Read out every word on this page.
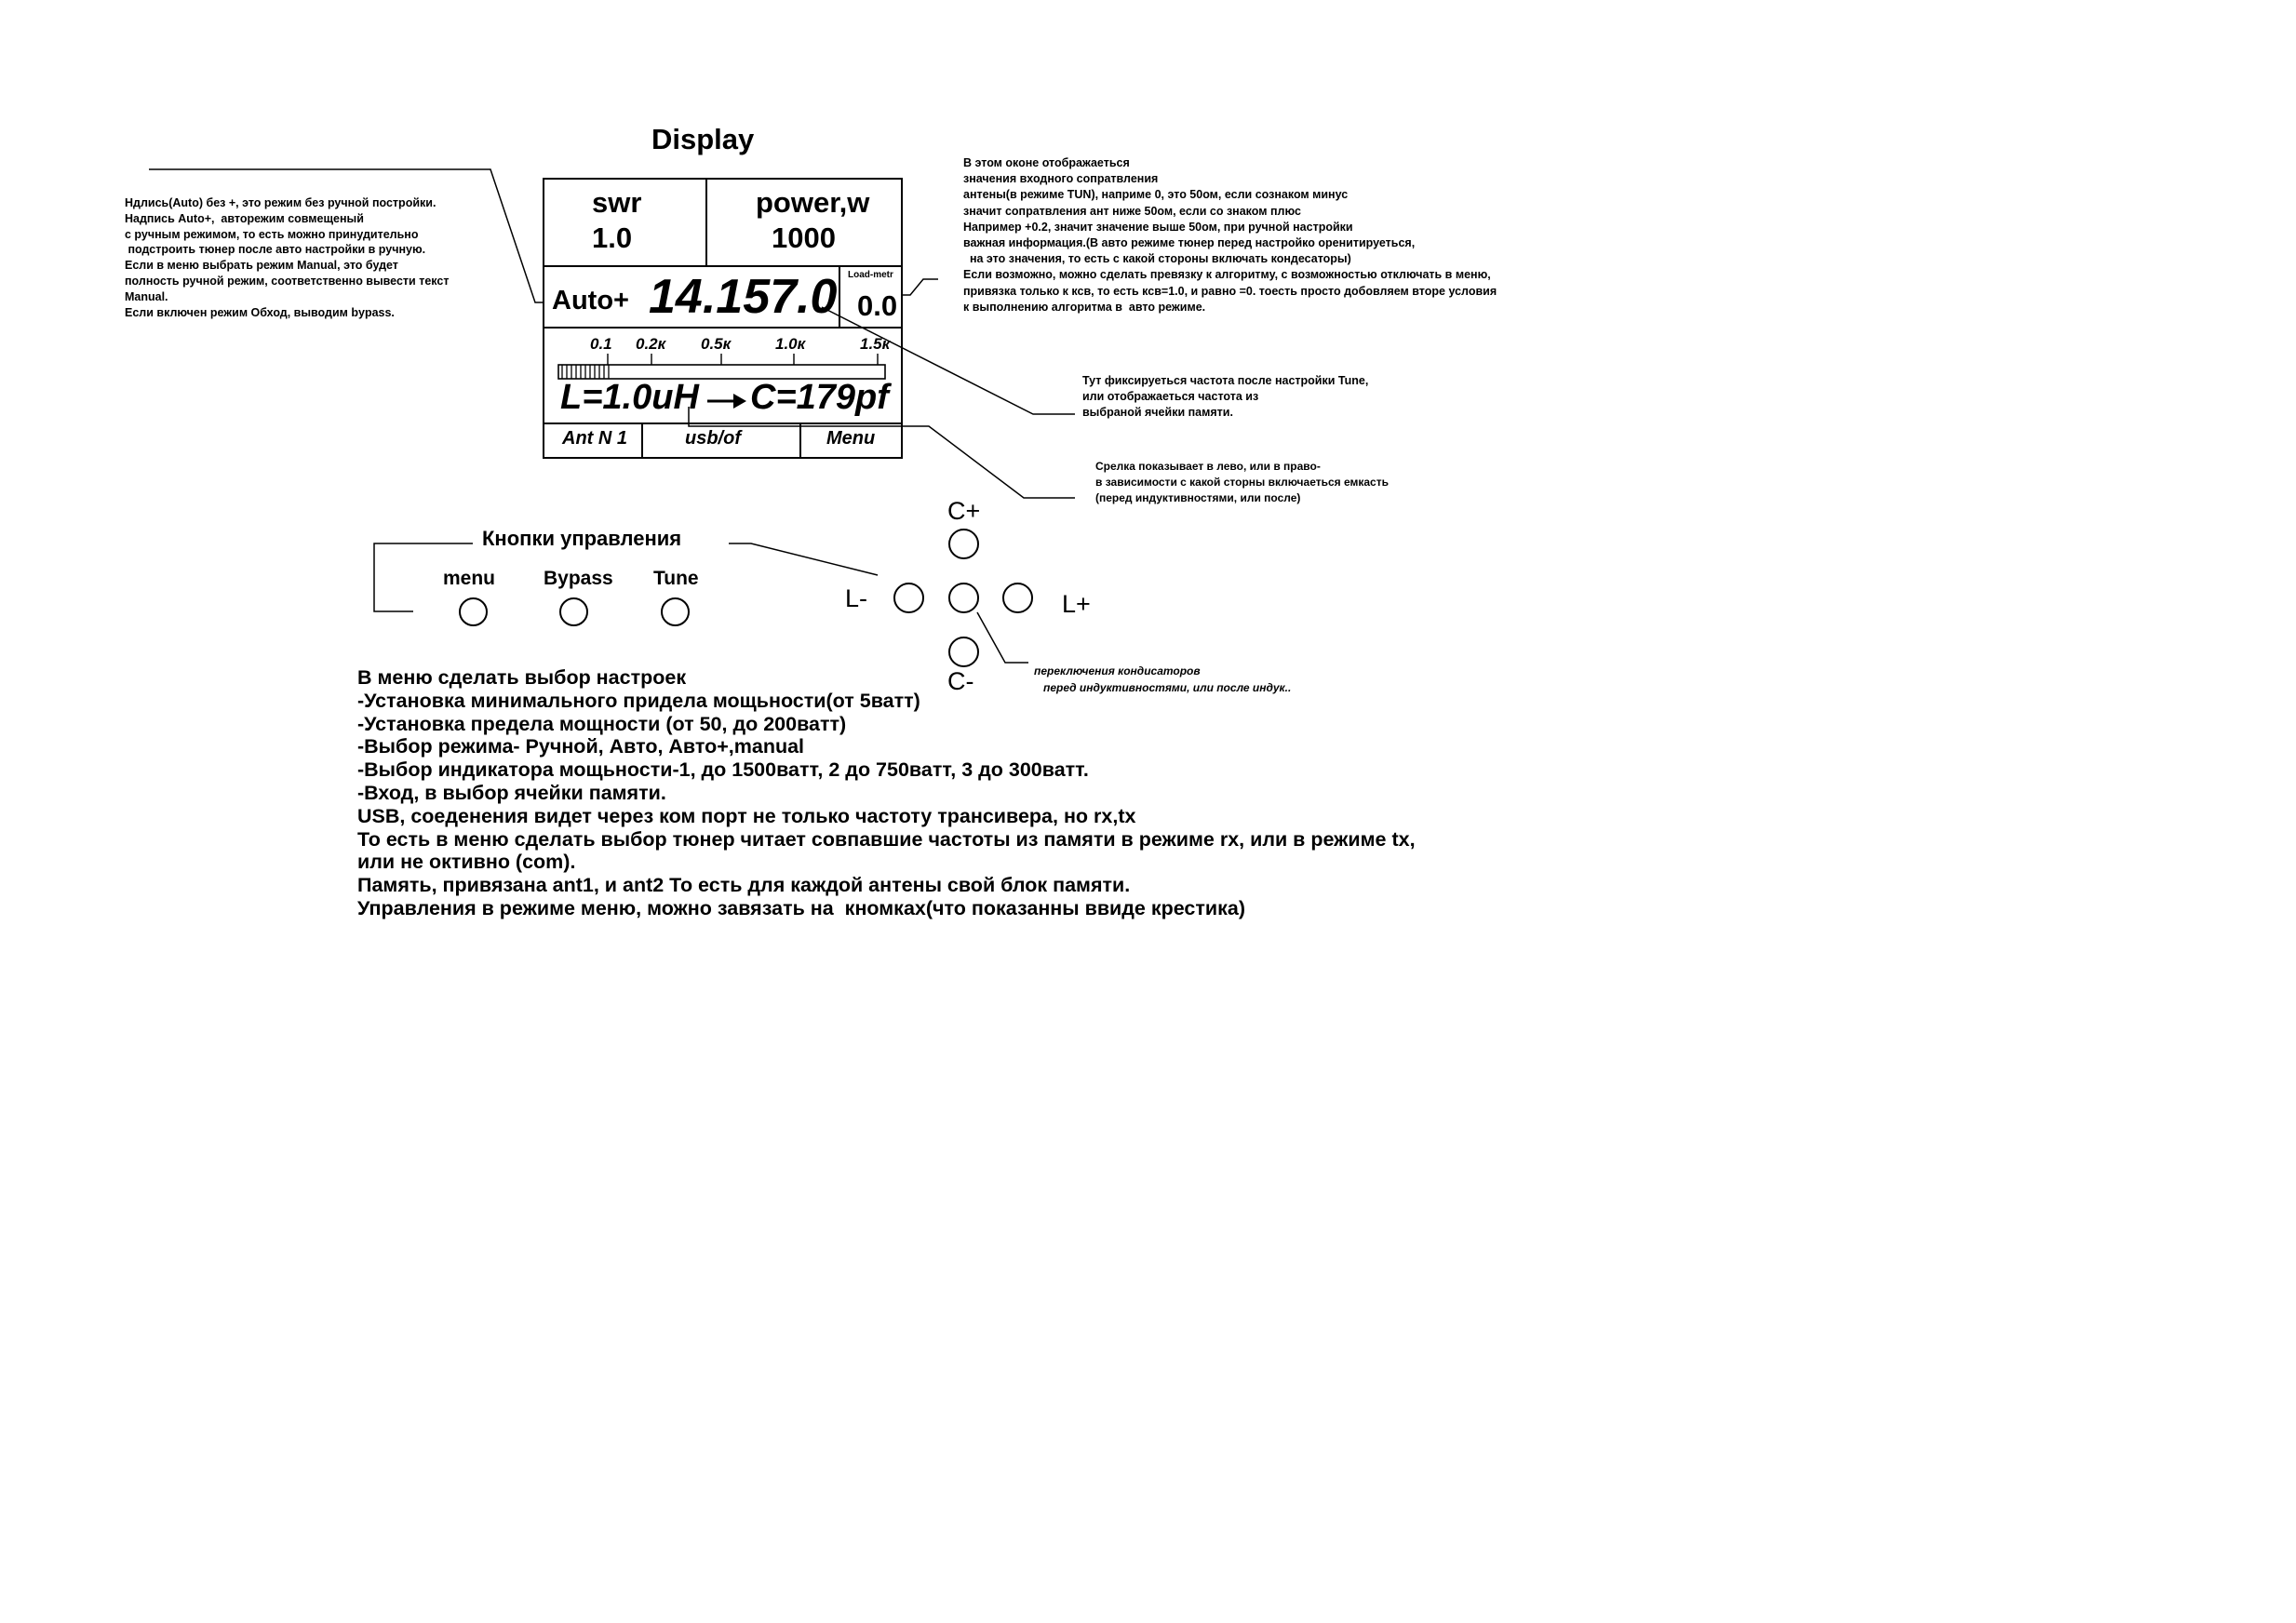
Display
Ндлись(Auto) без +, это режим без ручной постройки.
Надпись Auto+,  авторежим совмещеный
с ручным режимом, то есть можно принудительно
подстроить тюнер после авто настройки в ручную.
Если в меню выбрать режим Manual, это будет
полность ручной режим, соответственно вывести текст
Manual.
Если включен режим Обход, выводим bypass.
В этом оконе отображаеться
значения входного сопратвления
антены(в режиме TUN), наприме 0, это 50ом, если сознаком минус
значит сопратвления ант ниже 50ом, если со знаком плюс
Например +0.2, значит значение выше 50ом, при ручной настройки
важная информация.(В авто режиме тюнер перед настройко оренитируеться,
на это значения, то есть с какой стороны включать кондесаторы)
Если возможно, можно сделать превязку к алгоритму, с возможностью отключать в меню,
привязка только к ксв, то есть ксв=1.0, и равно =0. тоесть просто добовляем вторе условия
к выполнению алгоритма в  авто режиме.
Тут фиксируеться частота после настройки Tune,
или отображаеться частота из
выбраной ячейки памяти.
Срелка показывает в лево, или в право-
в зависимости с какой сторны включаеться емкасть
(перед индуктивностями, или после)
переключения кондисаторов
перед индуктивностями, или после индук..
swr
1.0
power,w
1000
Auto+ 14.157.0 Load-metr
0.0
0.1 0.2к 0.5к	1.0к	1.5к
L=1.0uH C=179pf
Ant N 1	usb/of	Menu
Кнопки управления
menu Bypass Tune
C+
C-
L-	L+
В меню сделать выбор настроек
-Установка минимального придела мощьности(от 5ватт)
-Установка предела мощности (от 50, до 200ватт)
-Выбор режима- Ручной, Авто, Авто+,manual
-Выбор индикатора мощьности-1, до 1500ватт, 2 до 750ватт, 3 до 300ватт.
-Вход, в выбор ячейки памяти.
USB, соеденения видет через ком порт не только частоту трансивера, но rx,tx
То есть в меню сделать выбор тюнер читает совпавшие частоты из памяти в режиме rx, или в режиме tx,
или не октивно (com).
Память, привязана ant1, и ant2 То есть для каждой антены свой блок памяти.
Управления в режиме меню, можно завязать на  кномках(что показанны ввиде крестика)
